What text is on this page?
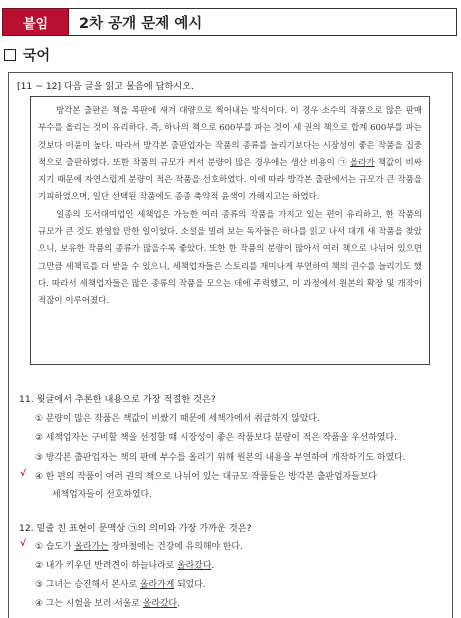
붙임	2차 공개 문제 예시
국어
[11 ~ 12] 다음 글을 읽고 물음에 답하시오.

방각본 출판은 책을 목판에 새겨 대량으로 찍어내는 방식이다. 이 경우 소수의 작품으로 많은 판매 부수를 올리는 것이 유리하다. 즉, 하나의 책으로 600부를 파는 것이 세 권의 책으로 합계 600부를 파는 것보다 이윤이 높다. 따라서 방각본 출판업자는 작품의 종류를 늘리기보다는 시장성이 좋은 작품을 집중적으로 출판하였다. 또한 작품의 규모가 커서 분량이 많은 경우에는 생산 비용이 ㉠ 올라가 책값이 비싸지기 때문에 자연스럽게 분량이 적은 작품을 선호하였다. 이에 따라 방각본 출판에서는 규모가 큰 작품을 기피하였으며, 일단 선택된 작품에도 종종 축약적 윤색이 가해지고는 하였다.

일종의 도서대여업인 세책업은 가능한 여러 종류의 작품을 가지고 있는 편이 유리하고, 한 작품의 규모가 큰 것도 환영할 만한 일이었다. 소설을 빌려 보는 독자들은 하나를 읽고 나서 대개 새 작품을 찾았으니, 보유한 작품의 종류가 많을수록 좋았다. 또한 한 작품의 분량이 많아서 여러 책으로 나뉘어 있으면 그만큼 세책료를 더 받을 수 있으니, 세책업자들은 스토리를 재미나게 부연하여 책의 권수를 늘리기도 했다. 따라서 세책업자들은 많은 종류의 작품을 모으는 데에 주력했고, 이 과정에서 원본의 확장 및 개작이 적잖이 이루어졌다.

11. 윗글에서 추론한 내용으로 가장 적절한 것은?
① 분량이 많은 작품은 책값이 비쌌기 때문에 세책가에서 취급하지 않았다.
② 세책업자는 구비할 책을 선정할 때 시장성이 좋은 작품보다 분량이 적은 작품을 우선하였다.
③ 방각본 출판업자는 책의 판매 부수를 올리기 위해 원본의 내용을 부연하여 개작하기도 하였다.
√ ④ 한 편의 작품이 여러 권의 책으로 나뉘어 있는 대규모 작품들은 방각본 출판업자들보다
세책업자들이 선호하였다.
12. 밑줄 친 표현이 문맥상 ㉠의 의미와 가장 가까운 것은?
√ ① 습도가 올라가는 장마철에는 건강에 유의해야 한다.
② 내가 키우던 반려견이 하늘나라로 올라갔다.
③ 그녀는 승진해서 본사로 올라가게 되었다.
④ 그는 시험을 보러 서울로 올라갔다.
